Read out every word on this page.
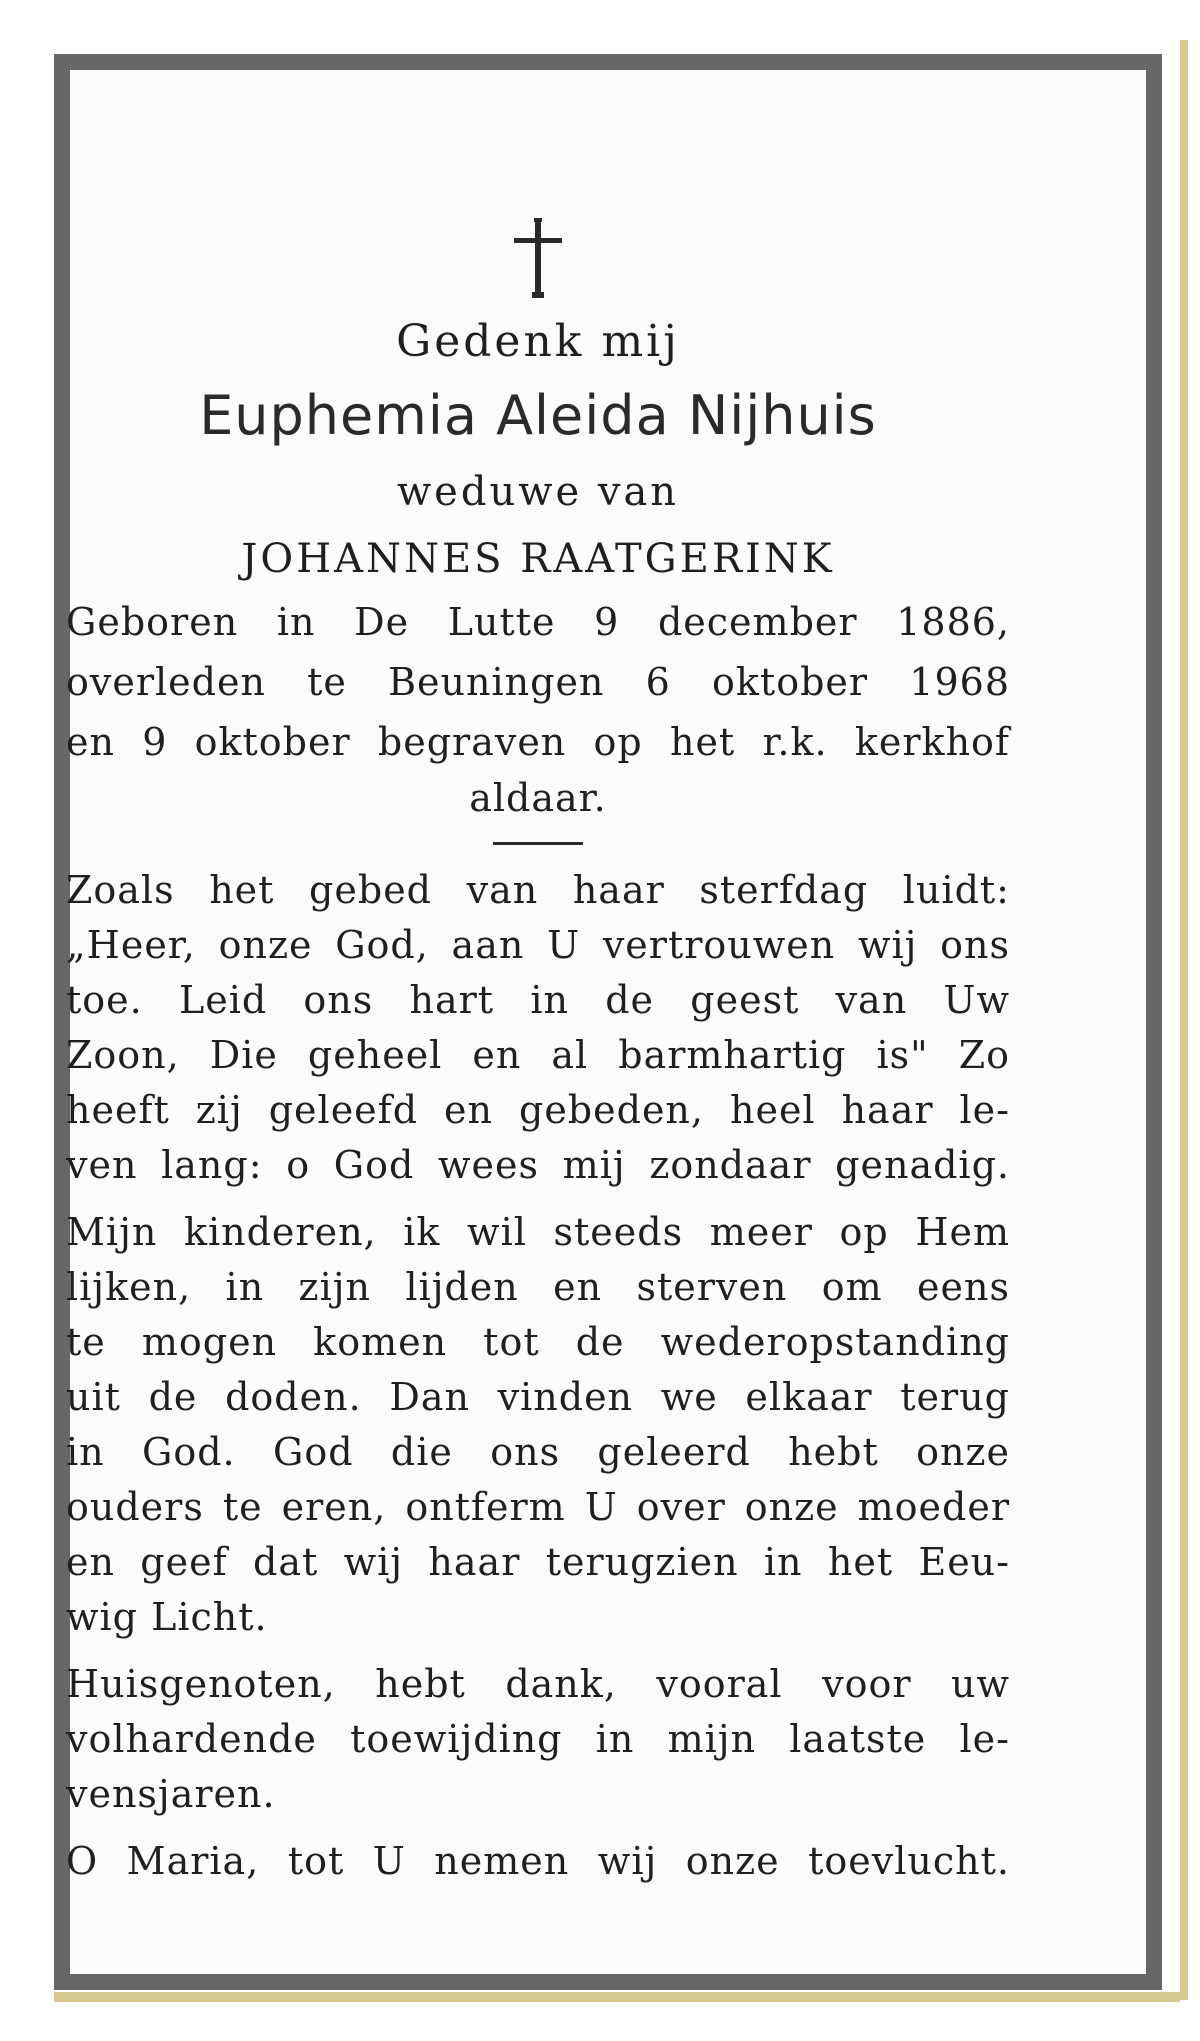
Gedenk mij
Euphemia Aleida Nijhuis
weduwe van
JOHANNES RAATGERINK
Geboren in De Lutte 9 december 1886,
overleden te Beuningen 6 oktober 1968
en 9 oktober begraven op het r.k. kerkhof
aldaar.
Zoals het gebed van haar sterfdag luidt:
„Heer, onze God, aan U vertrouwen wij ons
toe. Leid ons hart in de geest van Uw
Zoon, Die geheel en al barmhartig is" Zo
heeft zij geleefd en gebeden, heel haar le-
ven lang: o God wees mij zondaar genadig.
Mijn kinderen, ik wil steeds meer op Hem
lijken, in zijn lijden en sterven om eens
te mogen komen tot de wederopstanding
uit de doden. Dan vinden we elkaar terug
in God. God die ons geleerd hebt onze
ouders te eren, ontferm U over onze moeder
en geef dat wij haar terugzien in het Eeu-
wig Licht.
Huisgenoten, hebt dank, vooral voor uw
volhardende toewijding in mijn laatste le-
vensjaren.
O Maria, tot U nemen wij onze toevlucht.
